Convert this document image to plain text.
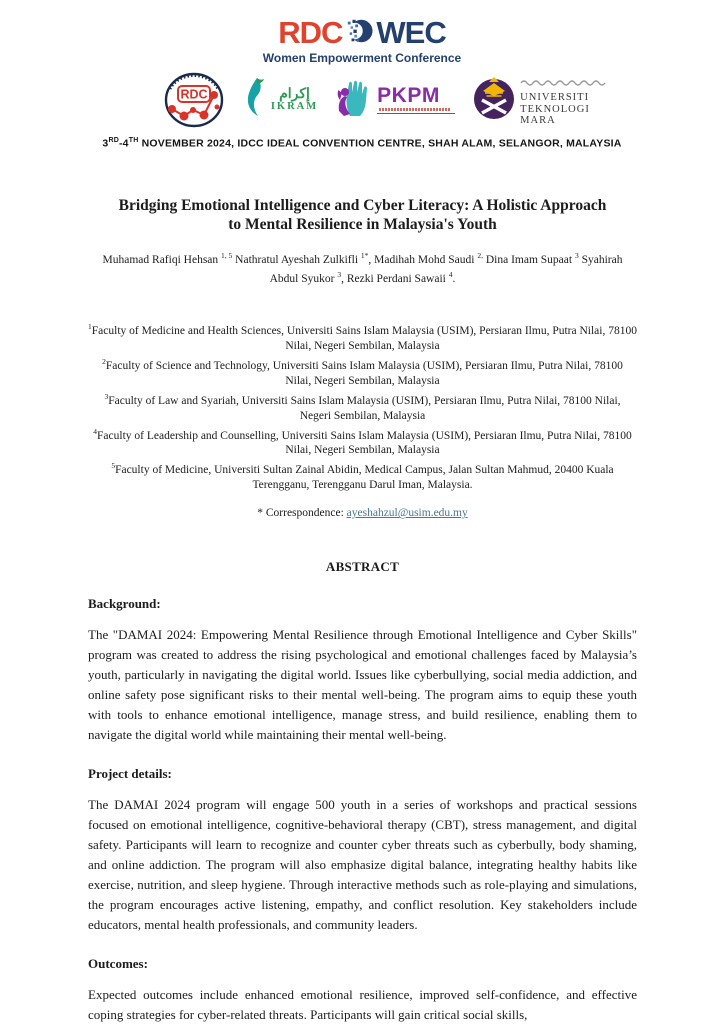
RDC WEC
Women Empowerment Conference
RDC	إكرام
IKRAM	PKPM	UNIVERSITI
TEKNOLOGI
MARA
3RD-4TH NOVEMBER 2024, IDCC IDEAL CONVENTION CENTRE, SHAH ALAM, SELANGOR, MALAYSIA
Bridging Emotional Intelligence and Cyber Literacy: A Holistic Approach
to Mental Resilience in Malaysia's Youth
Muhamad Rafiqi Hehsan $^{1, 5}$ Nathratul Ayeshah Zulkifli $^{1*}$, Madihah Mohd Saudi $^{2,}$ Dina Imam Supaat $^3$ Syahirah Abdul Syukor $^3$, Rezki Perdani Sawaii $^4$.
$^1$Faculty of Medicine and Health Sciences, Universiti Sains Islam Malaysia (USIM), Persiaran Ilmu, Putra Nilai, 78100 Nilai, Negeri Sembilan, Malaysia
$^2$Faculty of Science and Technology, Universiti Sains Islam Malaysia (USIM), Persiaran Ilmu, Putra Nilai, 78100 Nilai, Negeri Sembilan, Malaysia
$^3$Faculty of Law and Syariah, Universiti Sains Islam Malaysia (USIM), Persiaran Ilmu, Putra Nilai, 78100 Nilai, Negeri Sembilan, Malaysia
$^4$Faculty of Leadership and Counselling, Universiti Sains Islam Malaysia (USIM), Persiaran Ilmu, Putra Nilai, 78100 Nilai, Negeri Sembilan, Malaysia
$^5$Faculty of Medicine, Universiti Sultan Zainal Abidin, Medical Campus, Jalan Sultan Mahmud, 20400 Kuala Terengganu, Terengganu Darul Iman, Malaysia.
* Correspondence: ayeshahzul@usim.edu.my
ABSTRACT
Background:
The "DAMAI 2024: Empowering Mental Resilience through Emotional Intelligence and Cyber Skills" program was created to address the rising psychological and emotional challenges faced by Malaysia’s youth, particularly in navigating the digital world. Issues like cyberbullying, social media addiction, and online safety pose significant risks to their mental well-being. The program aims to equip these youth with tools to enhance emotional intelligence, manage stress, and build resilience, enabling them to navigate the digital world while maintaining their mental well-being.
Project details:
The DAMAI 2024 program will engage 500 youth in a series of workshops and practical sessions focused on emotional intelligence, cognitive-behavioral therapy (CBT), stress management, and digital safety. Participants will learn to recognize and counter cyber threats such as cyberbully, body shaming, and online addiction. The program will also emphasize digital balance, integrating healthy habits like exercise, nutrition, and sleep hygiene. Through interactive methods such as role-playing and simulations, the program encourages active listening, empathy, and conflict resolution. Key stakeholders include educators, mental health professionals, and community leaders.
Outcomes:
Expected outcomes include enhanced emotional resilience, improved self-confidence, and effective coping strategies for cyber-related threats. Participants will gain critical social skills,
